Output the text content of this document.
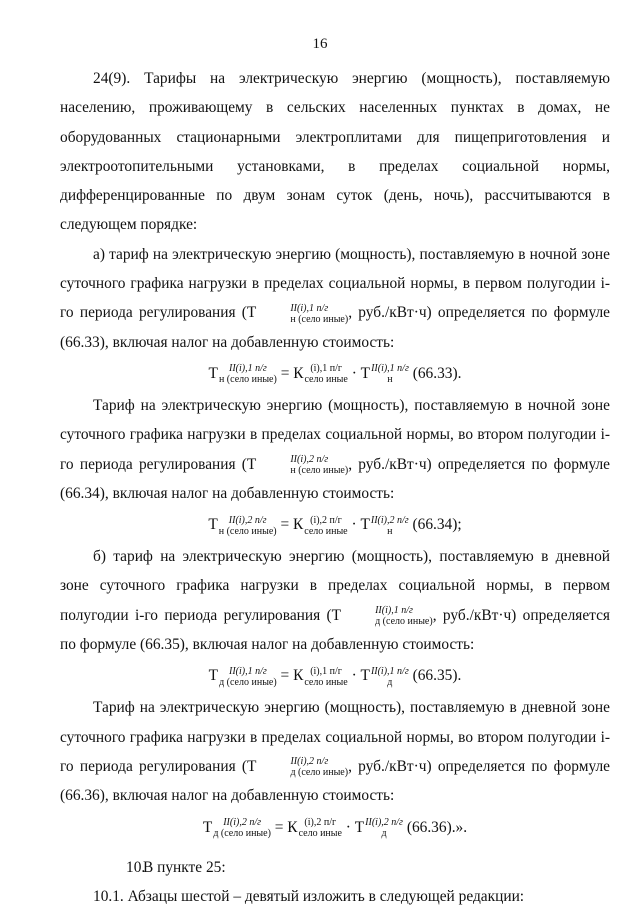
16

24(9). Тарифы на электрическую энергию (мощность), поставляемую населению, проживающему в сельских населенных пунктах в домах, не оборудованных стационарными электроплитами для пищеприготовления и электроотопительными установками, в пределах социальной нормы, дифференцированные по двум зонам суток (день, ночь), рассчитываются в следующем порядке:

а) тариф на электрическую энергию (мощность), поставляемую в ночной зоне суточного графика нагрузки в пределах социальной нормы, в первом полугодии i-го периода регулирования (Т	II(i),1 п/г
н (село иные) , руб./кВт·ч) определяется по формуле (66.33), включая налог на добавленную стоимость:

Т	II(i),1 п/г
н (село иные) = К (i),1 п/г
село иные · Т II(i),1 п/г
н	(66.33).

Тариф на электрическую энергию (мощность), поставляемую в ночной зоне суточного графика нагрузки в пределах социальной нормы, во втором полугодии i-го периода регулирования (Т	II(i),2 п/г
н (село иные) , руб./кВт·ч) определяется по формуле (66.34), включая налог на добавленную стоимость:

Т	II(i),2 п/г
н (село иные) = К (i),2 п/г
село иные · Т II(i),2 п/г
н	(66.34);

б) тариф на электрическую энергию (мощность), поставляемую в дневной зоне суточного графика нагрузки в пределах социальной нормы, в первом полугодии i-го периода регулирования (Т	II(i),1 п/г
д (село иные) , руб./кВт·ч) определяется по формуле (66.35), включая налог на добавленную стоимость:

Т	II(i),1 п/г
д (село иные) = К (i),1 п/г
село иные · Т II(i),1 п/г
д	(66.35).

Тариф на электрическую энергию (мощность), поставляемую в дневной зоне суточного графика нагрузки в пределах социальной нормы, во втором полугодии i-го периода регулирования (Т	II(i),2 п/г
д (село иные) , руб./кВт·ч) определяется по формуле (66.36), включая налог на добавленную стоимость:

Т	II(i),2 п/г
д (село иные) = К (i),2 п/г
село иные · Т II(i),2 п/г
д	(66.36).».

10.В пункте 25:

10.1. Абзацы шестой – девятый изложить в следующей редакции:
